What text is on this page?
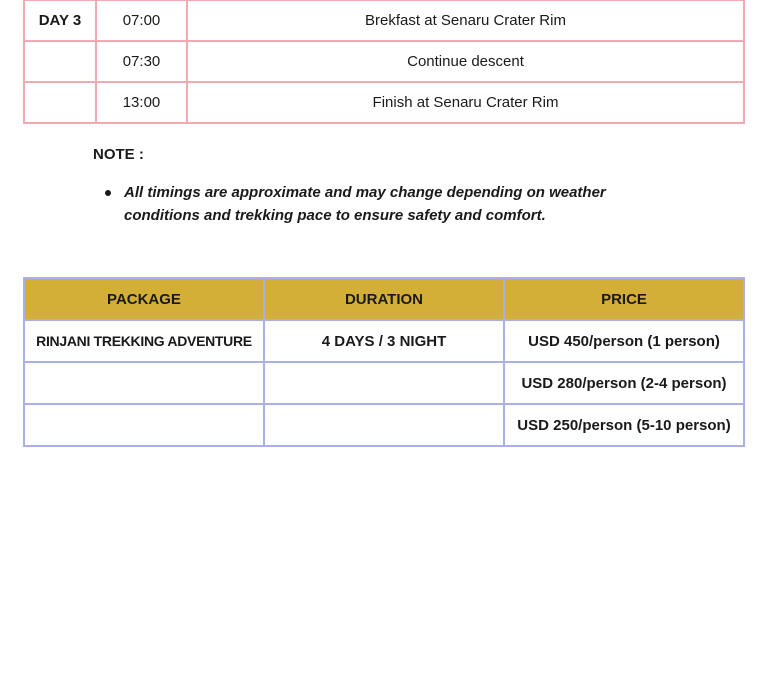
DAY 3	07:00	Brekfast at Senaru Crater Rim
	07:30	Continue descent
	13:00	Finish at Senaru Crater Rim
NOTE :
All timings are approximate and may change depending on weather conditions and trekking pace to ensure safety and comfort.
PACKAGE	DURATION	PRICE
RINJANI TREKKING ADVENTURE	4 DAYS / 3 NIGHT	USD 450/person (1 person)
		USD 280/person (2-4 person)
		USD 250/person (5-10 person)
